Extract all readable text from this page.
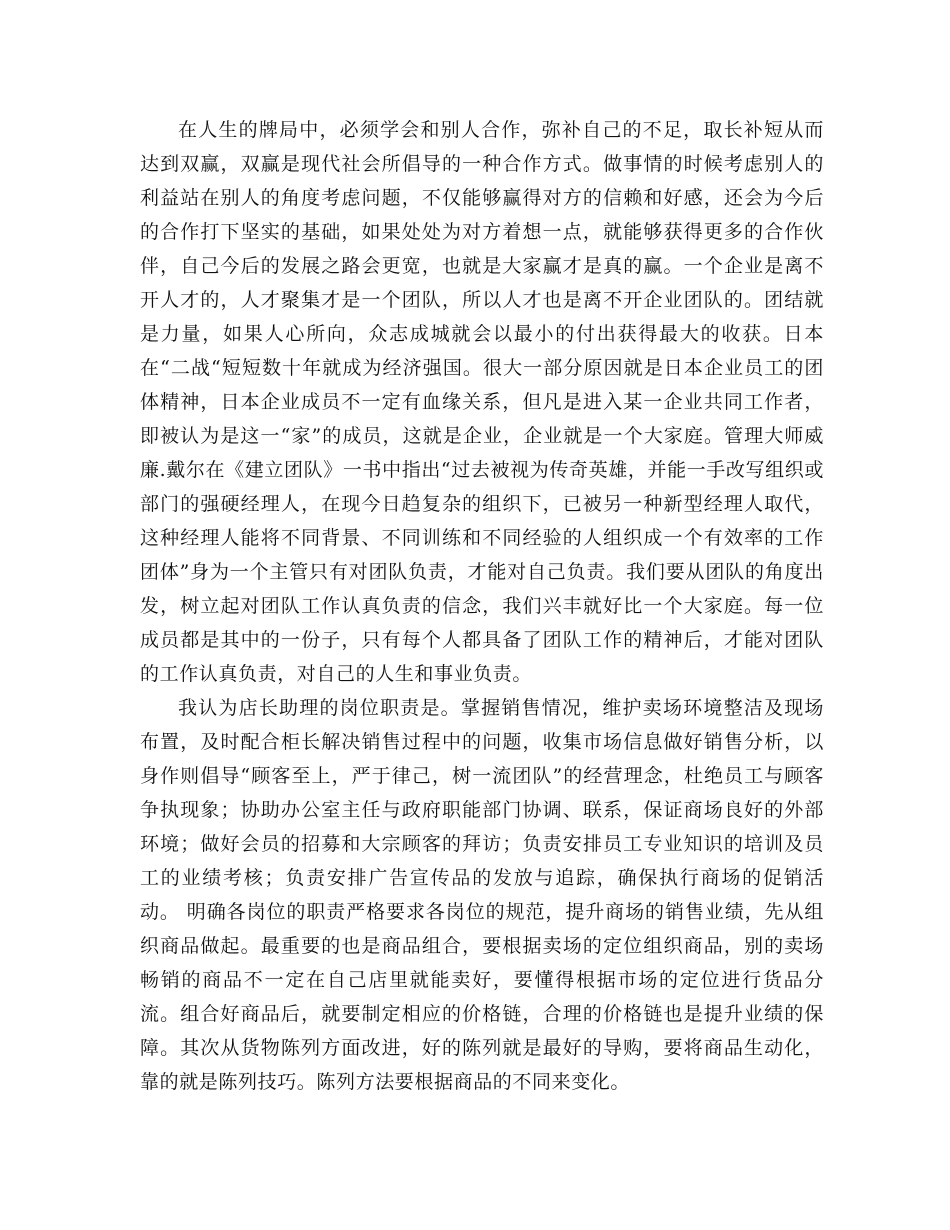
在人生的牌局中，必须学会和别人合作，弥补自己的不足，取长补短从而达到双赢，双赢是现代社会所倡导的一种合作方式。做事情的时候考虑别人的利益站在别人的角度考虑问题，不仅能够赢得对方的信赖和好感，还会为今后的合作打下坚实的基础，如果处处为对方着想一点，就能够获得更多的合作伙伴，自己今后的发展之路会更宽，也就是大家赢才是真的赢。一个企业是离不开人才的，人才聚集才是一个团队，所以人才也是离不开企业团队的。团结就是力量，如果人心所向，众志成城就会以最小的付出获得最大的收获。日本在“二战“短短数十年就成为经济强国。很大一部分原因就是日本企业员工的团体精神，日本企业成员不一定有血缘关系，但凡是进入某一企业共同工作者，即被认为是这一“家”的成员，这就是企业，企业就是一个大家庭。管理大师威廉.戴尔在《建立团队》一书中指出“过去被视为传奇英雄，并能一手改写组织或部门的强硬经理人，在现今日趋复杂的组织下，已被另一种新型经理人取代，这种经理人能将不同背景、不同训练和不同经验的人组织成一个有效率的工作团体”身为一个主管只有对团队负责，才能对自己负责。我们要从团队的角度出发，树立起对团队工作认真负责的信念，我们兴丰就好比一个大家庭。每一位成员都是其中的一份子，只有每个人都具备了团队工作的精神后，才能对团队的工作认真负责，对自己的人生和事业负责。

我认为店长助理的岗位职责是。掌握销售情况，维护卖场环境整洁及现场布置，及时配合柜长解决销售过程中的问题，收集市场信息做好销售分析，以身作则倡导“顾客至上，严于律己，树一流团队”的经营理念，杜绝员工与顾客争执现象；协助办公室主任与政府职能部门协调、联系，保证商场良好的外部环境；做好会员的招募和大宗顾客的拜访；负责安排员工专业知识的培训及员工的业绩考核；负责安排广告宣传品的发放与追踪，确保执行商场的促销活动。 明确各岗位的职责严格要求各岗位的规范，提升商场的销售业绩，先从组织商品做起。最重要的也是商品组合，要根据卖场的定位组织商品，别的卖场畅销的商品不一定在自己店里就能卖好，要懂得根据市场的定位进行货品分流。组合好商品后，就要制定相应的价格链，合理的价格链也是提升业绩的保障。其次从货物陈列方面改进，好的陈列就是最好的导购，要将商品生动化，靠的就是陈列技巧。陈列方法要根据商品的不同来变化。
